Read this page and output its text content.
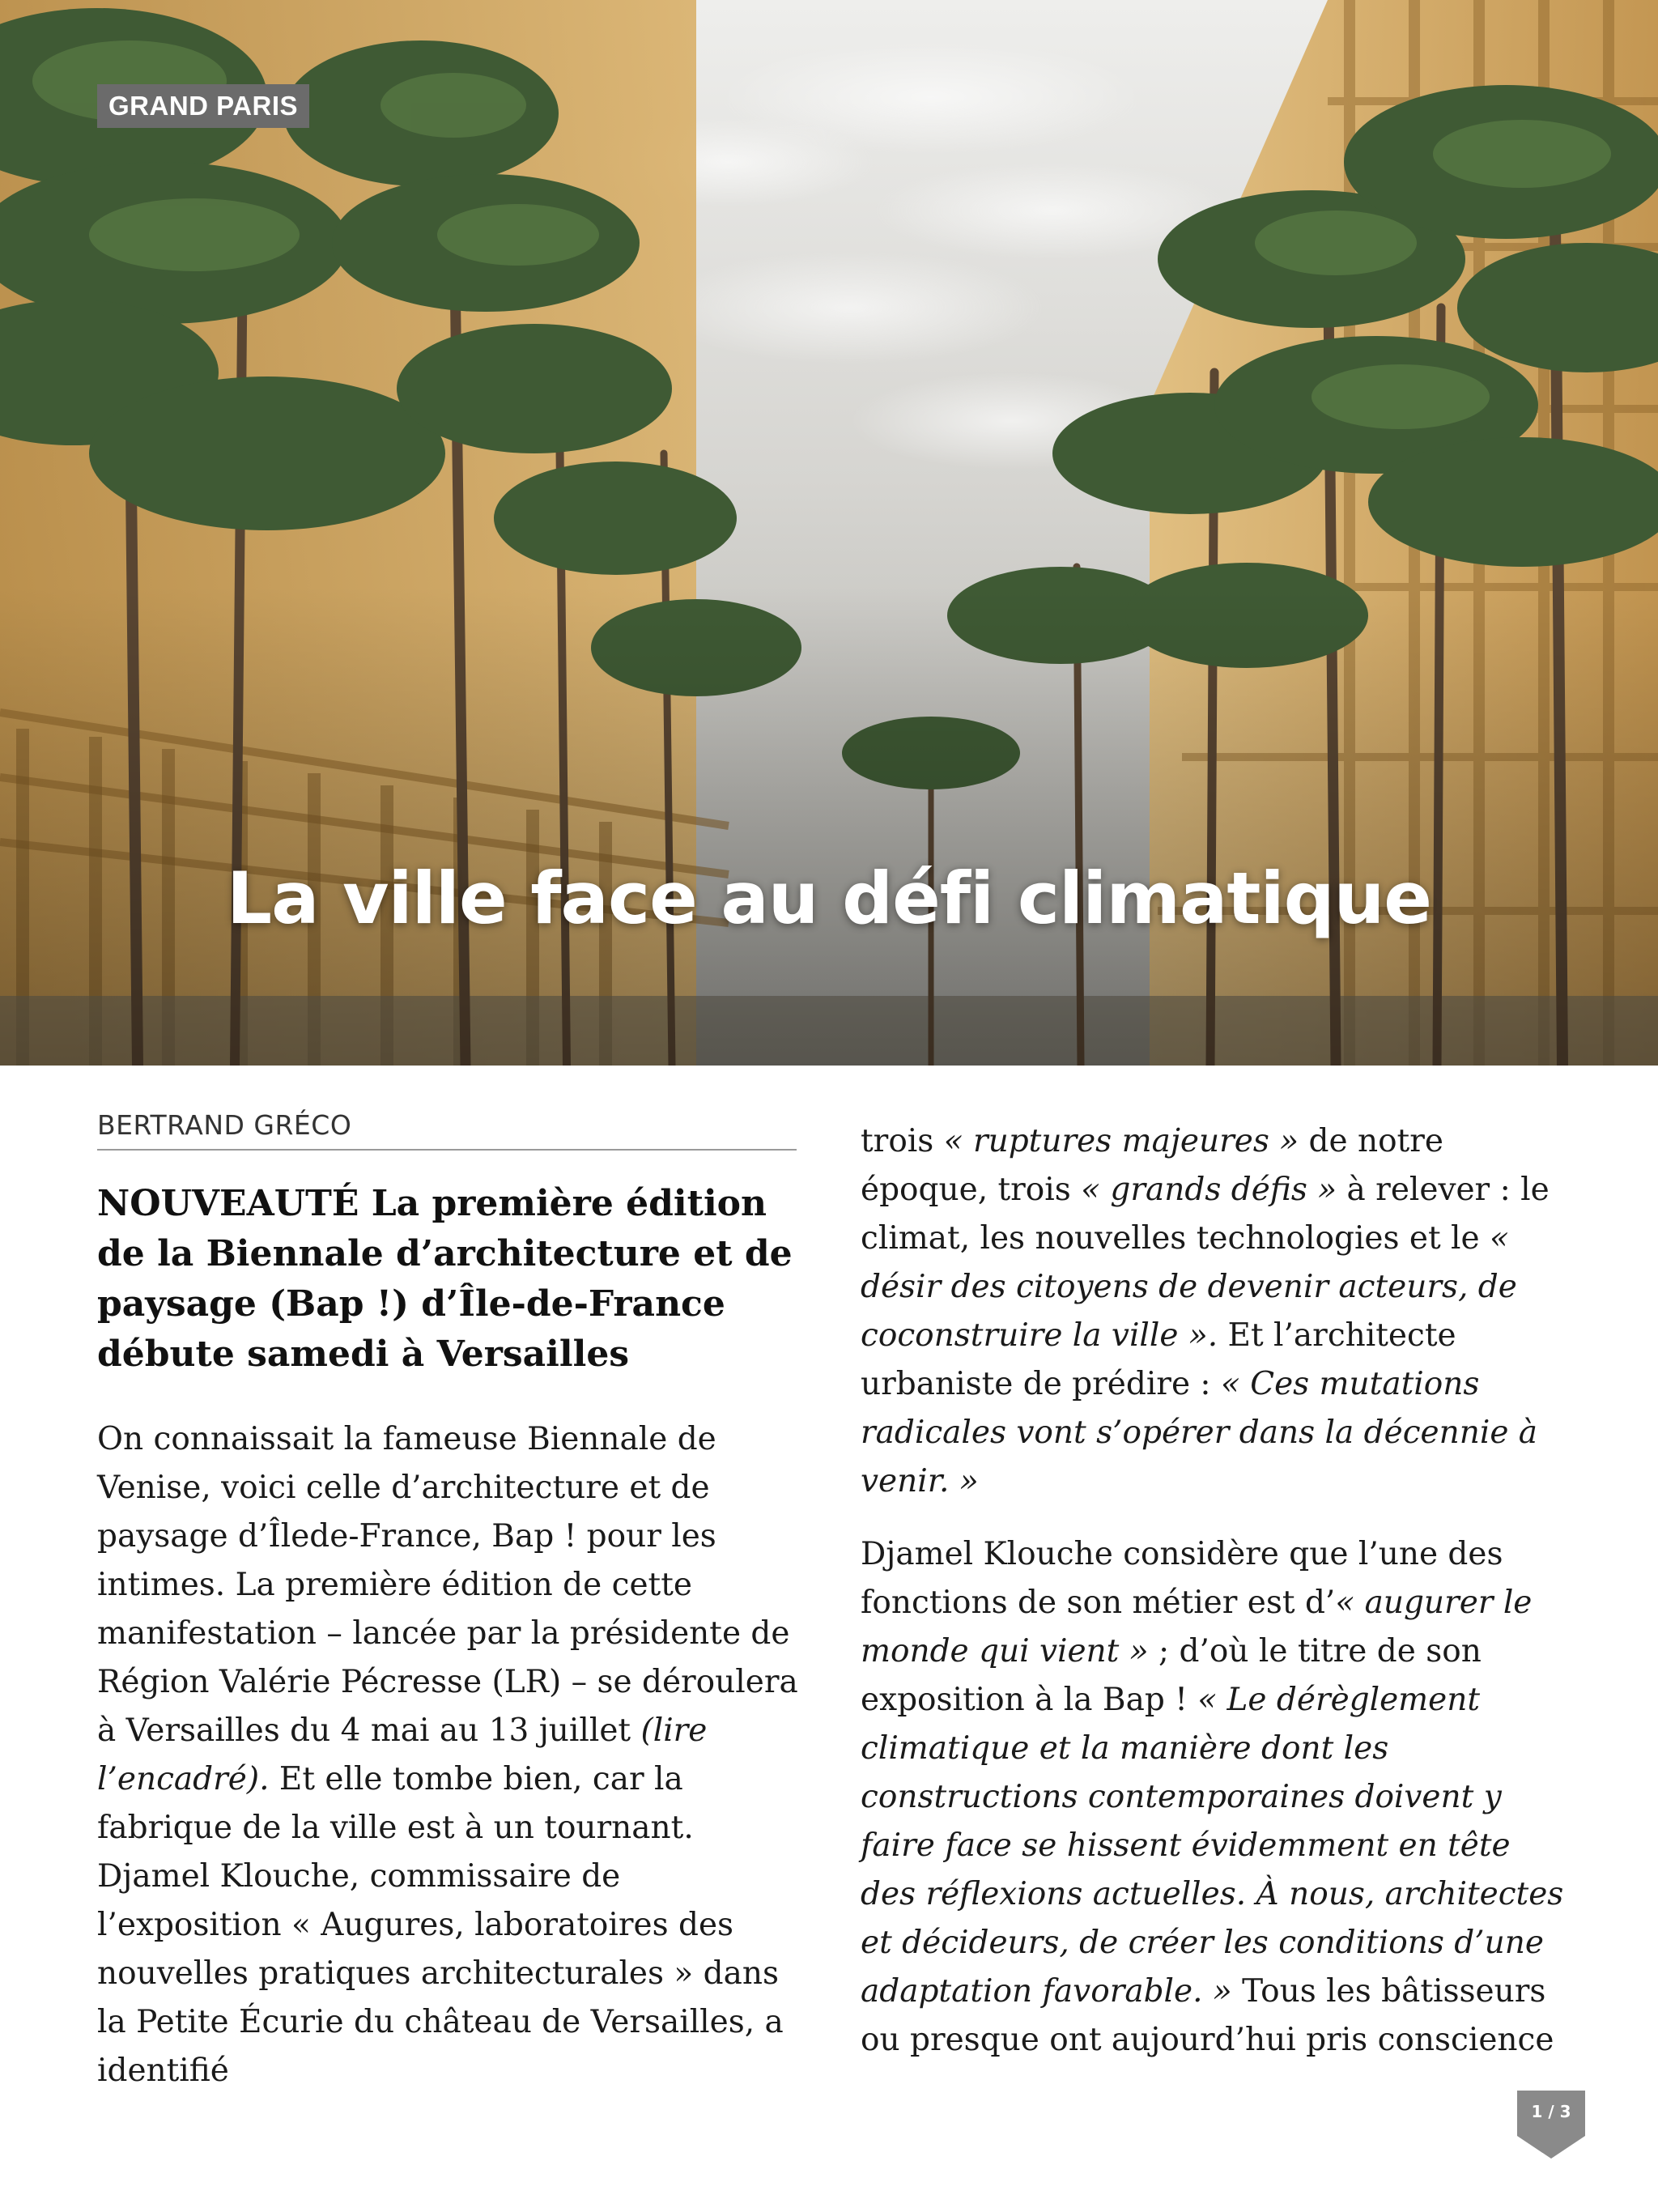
GRAND PARIS
La ville face au défi climatique
BERTRAND GRÉCO
NOUVEAUTÉ La première édition de la Biennale d’architecture et de paysage (Bap !) d’Île-de-France débute samedi à Versailles

On connaissait la fameuse Biennale de Venise, voici celle d’architecture et de paysage d’Îlede-France, Bap ! pour les intimes. La première édition de cette manifestation – lancée par la présidente de Région Valérie Pécresse (LR) – se déroulera à Versailles du 4 mai au 13 juillet (lire l’encadré). Et elle tombe bien, car la fabrique de la ville est à un tournant. Djamel Klouche, commissaire de l’exposition « Augures, laboratoires des nouvelles pratiques architecturales » dans la Petite Écurie du château de Versailles, a identifié

trois « ruptures majeures » de notre époque, trois « grands défis » à relever : le climat, les nouvelles technologies et le « désir des citoyens de devenir acteurs, de coconstruire la ville ». Et l’architecte urbaniste de prédire : « Ces mutations radicales vont s’opérer dans la décennie à venir. »

Djamel Klouche considère que l’une des fonctions de son métier est d’« augurer le monde qui vient » ; d’où le titre de son exposition à la Bap ! « Le dérèglement climatique et la manière dont les constructions contemporaines doivent y faire face se hissent évidemment en tête des réflexions actuelles. À nous, architectes et décideurs, de créer les conditions d’une adaptation favorable. » Tous les bâtisseurs ou presque ont aujourd’hui pris conscience

1 / 3
